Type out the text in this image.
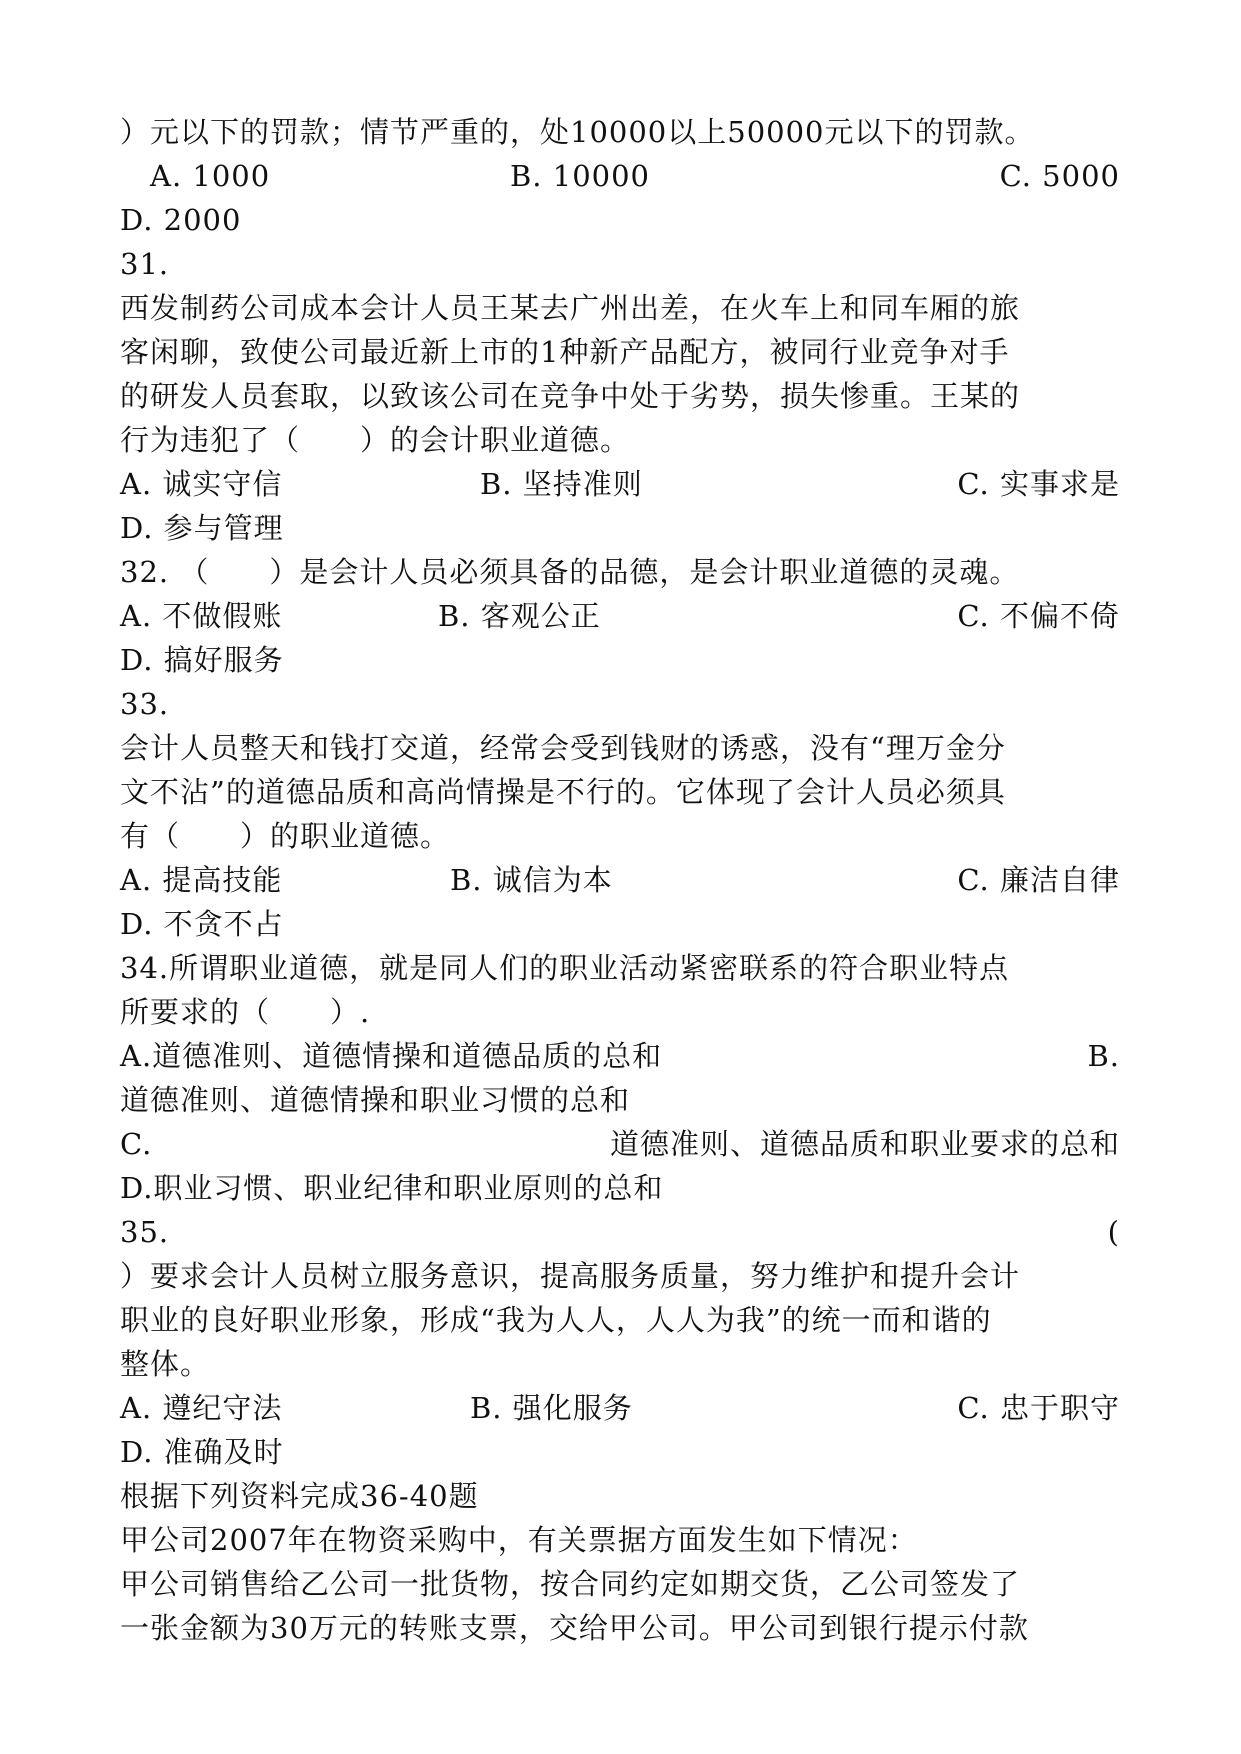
）元以下的罚款；情节严重的，处10000以上50000元以下的罚款。
A. 1000	B. 10000	C. 5000
D. 2000
31.
西发制药公司成本会计人员王某去广州出差，在火车上和同车厢的旅
客闲聊，致使公司最近新上市的1种新产品配方，被同行业竞争对手
的研发人员套取，以致该公司在竞争中处于劣势，损失惨重。王某的
行为违犯了（　　）的会计职业道德。
A. 诚实守信	B. 坚持准则	C. 实事求是
D. 参与管理
32. （　　）是会计人员必须具备的品德，是会计职业道德的灵魂。
A. 不做假账	B. 客观公正	C. 不偏不倚
D. 搞好服务
33.
会计人员整天和钱打交道，经常会受到钱财的诱惑，没有“理万金分
文不沾”的道德品质和高尚情操是不行的。它体现了会计人员必须具
有（　　）的职业道德。
A. 提高技能	B. 诚信为本	C. 廉洁自律
D. 不贪不占
34.所谓职业道德，就是同人们的职业活动紧密联系的符合职业特点
所要求的（　　）.
A.道德准则、道德情操和道德品质的总和	B.
道德准则、道德情操和职业习惯的总和
C.	道德准则、道德品质和职业要求的总和
D.职业习惯、职业纪律和职业原则的总和
35.	(
）要求会计人员树立服务意识，提高服务质量，努力维护和提升会计
职业的良好职业形象，形成“我为人人，人人为我”的统一而和谐的
整体。
A. 遵纪守法	B. 强化服务	C. 忠于职守
D. 准确及时
根据下列资料完成36-40题
甲公司2007年在物资采购中，有关票据方面发生如下情况：
甲公司销售给乙公司一批货物，按合同约定如期交货，乙公司签发了
一张金额为30万元的转账支票，交给甲公司。甲公司到银行提示付款
